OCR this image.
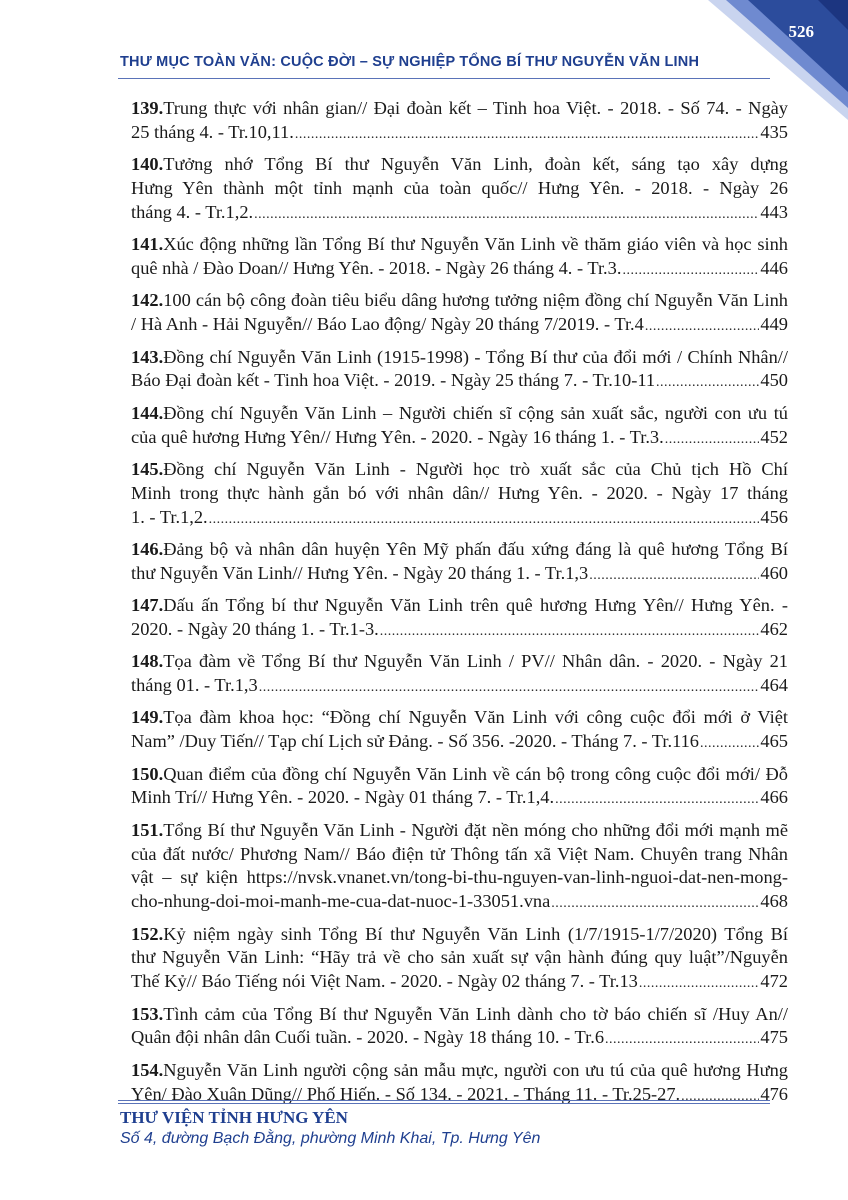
526
THƯ MỤC TOÀN VĂN: CUỘC ĐỜI – SỰ NGHIỆP TỔNG BÍ THƯ NGUYỄN VĂN LINH
139.Trung thực với nhân gian// Đại đoàn kết – Tinh hoa Việt. - 2018. - Số 74. - Ngày
25 tháng 4. - Tr.10,11. .....	435
140.Tưởng nhớ Tổng Bí thư Nguyễn Văn Linh, đoàn kết, sáng tạo xây dựng
Hưng Yên thành một tỉnh mạnh của toàn quốc// Hưng Yên. - 2018. - Ngày 26
tháng 4. - Tr.1,2. .....	443
141.Xúc động những lần Tổng Bí thư Nguyễn Văn Linh về thăm giáo viên và học sinh
quê nhà / Đào Doan// Hưng Yên. - 2018. - Ngày 26 tháng 4. - Tr.3. .....	446
142.100 cán bộ công đoàn tiêu biểu dâng hương tưởng niệm đồng chí Nguyễn Văn Linh
/ Hà Anh - Hải Nguyễn// Báo Lao động/ Ngày 20 tháng 7/2019. - Tr.4 .....	449
143.Đồng chí Nguyễn Văn Linh (1915-1998) - Tổng Bí thư của đổi mới / Chính Nhân//
Báo Đại đoàn kết - Tinh hoa Việt. - 2019. - Ngày 25 tháng 7. - Tr.10-11 .....	450
144.Đồng chí Nguyễn Văn Linh – Người chiến sĩ cộng sản xuất sắc, người con ưu tú
của quê hương Hưng Yên// Hưng Yên. - 2020. - Ngày 16 tháng 1. - Tr.3. .....	452
145.Đồng chí Nguyễn Văn Linh - Người học trò xuất sắc của Chủ tịch Hồ Chí
Minh trong thực hành gắn bó với nhân dân// Hưng Yên. - 2020. - Ngày 17 tháng
1. - Tr.1,2. .....	456
146.Đảng bộ và nhân dân huyện Yên Mỹ phấn đấu xứng đáng là quê hương Tổng Bí
thư Nguyễn Văn Linh// Hưng Yên. - Ngày 20 tháng 1. - Tr.1,3 .....	460
147.Dấu ấn Tổng bí thư Nguyễn Văn Linh trên quê hương Hưng Yên// Hưng Yên. -
2020. - Ngày 20 tháng 1. - Tr.1-3. .....	462
148.Tọa đàm về Tổng Bí thư Nguyễn Văn Linh / PV// Nhân dân. - 2020. - Ngày 21
tháng 01. - Tr.1,3 .....	464
149.Tọa đàm khoa học: “Đồng chí Nguyễn Văn Linh với công cuộc đổi mới ở Việt
Nam” /Duy Tiến// Tạp chí Lịch sử Đảng. - Số 356. -2020. - Tháng 7. - Tr.116 .....	465
150.Quan điểm của đồng chí Nguyễn Văn Linh về cán bộ trong công cuộc đổi mới/ Đỗ
Minh Trí// Hưng Yên. - 2020. - Ngày 01 tháng 7. - Tr.1,4. .....	466
151.Tổng Bí thư Nguyễn Văn Linh - Người đặt nền móng cho những đổi mới mạnh mẽ
của đất nước/ Phương Nam// Báo điện tử Thông tấn xã Việt Nam. Chuyên trang Nhân
vật – sự kiện https://nvsk.vnanet.vn/tong-bi-thu-nguyen-van-linh-nguoi-dat-nen-mong-
cho-nhung-doi-moi-manh-me-cua-dat-nuoc-1-33051.vna .....	468
152.Kỷ niệm ngày sinh Tổng Bí thư Nguyễn Văn Linh (1/7/1915-1/7/2020) Tổng Bí
thư Nguyễn Văn Linh: “Hãy trả về cho sản xuất sự vận hành đúng quy luật”/Nguyễn
Thế Kỷ// Báo Tiếng nói Việt Nam. - 2020. - Ngày 02 tháng 7. - Tr.13 .....	472
153.Tình cảm của Tổng Bí thư Nguyễn Văn Linh dành cho tờ báo chiến sĩ /Huy An//
Quân đội nhân dân Cuối tuần. - 2020. - Ngày 18 tháng 10. - Tr.6 .....	475
154.Nguyễn Văn Linh người cộng sản mẫu mực, người con ưu tú của quê hương Hưng
Yên/ Đào Xuân Dũng// Phố Hiến. - Số 134. - 2021. - Tháng 11. - Tr.25-27. .....	476
THƯ VIỆN TỈNH HƯNG YÊN
Số 4, đường Bạch Đằng, phường Minh Khai, Tp. Hưng Yên
